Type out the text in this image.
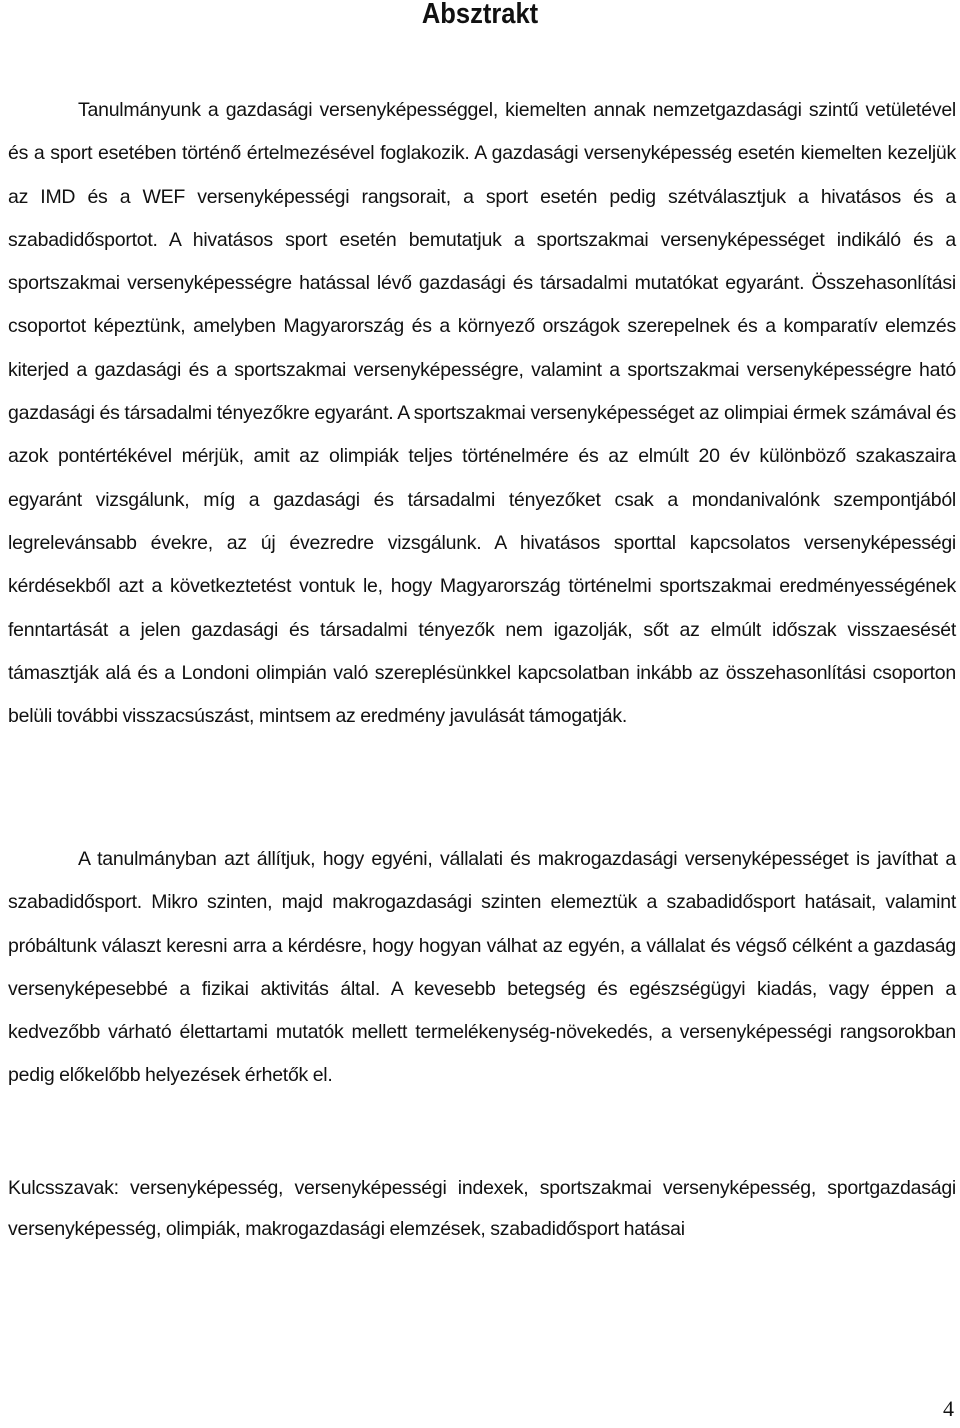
Absztrakt

Tanulmányunk a gazdasági versenyképességgel, kiemelten annak nemzetgazdasági szintű vetületével és a sport esetében történő értelmezésével foglakozik. A gazdasági versenyképesség esetén kiemelten kezeljük az IMD és a WEF versenyképességi rangsorait, a sport esetén pedig szétválasztjuk a hivatásos és a szabadidősportot. A hivatásos sport esetén bemutatjuk a sportszakmai versenyképességet indikáló és a sportszakmai versenyképességre hatással lévő gazdasági és társadalmi mutatókat egyaránt. Összehasonlítási csoportot képeztünk, amelyben Magyarország és a környező országok szerepelnek és a komparatív elemzés kiterjed a gazdasági és a sportszakmai versenyképességre, valamint a sportszakmai versenyképességre ható gazdasági és társadalmi tényezőkre egyaránt. A sportszakmai versenyképességet az olimpiai érmek számával és azok pontértékével mérjük, amit az olimpiák teljes történelmére és az elmúlt 20 év különböző szakaszaira egyaránt vizsgálunk, míg a gazdasági és társadalmi tényezőket csak a mondanivalónk szempontjából legrelevánsabb évekre, az új évezredre vizsgálunk. A hivatásos sporttal kapcsolatos versenyképességi kérdésekből azt a következtetést vontuk le, hogy Magyarország történelmi sportszakmai eredményességének fenntartását a jelen gazdasági és társadalmi tényezők nem igazolják, sőt az elmúlt időszak visszaesését támasztják alá és a Londoni olimpián való szereplésünkkel kapcsolatban inkább az összehasonlítási csoporton belüli további visszacsúszást, mintsem az eredmény javulását támogatják.

A tanulmányban azt állítjuk, hogy egyéni, vállalati és makrogazdasági versenyképességet is javíthat a szabadidősport. Mikro szinten, majd makrogazdasági szinten elemeztük a szabadidősport hatásait, valamint próbáltunk választ keresni arra a kérdésre, hogy hogyan válhat az egyén, a vállalat és végső célként a gazdaság versenyképesebbé a fizikai aktivitás által. A kevesebb betegség és egészségügyi kiadás, vagy éppen a kedvezőbb várható élettartami mutatók mellett termelékenység-növekedés, a versenyképességi rangsorokban pedig előkelőbb helyezések érhetők el.

Kulcsszavak: versenyképesség, versenyképességi indexek, sportszakmai versenyképesség, sportgazdasági versenyképesség, olimpiák, makrogazdasági elemzések, szabadidősport hatásai

4
